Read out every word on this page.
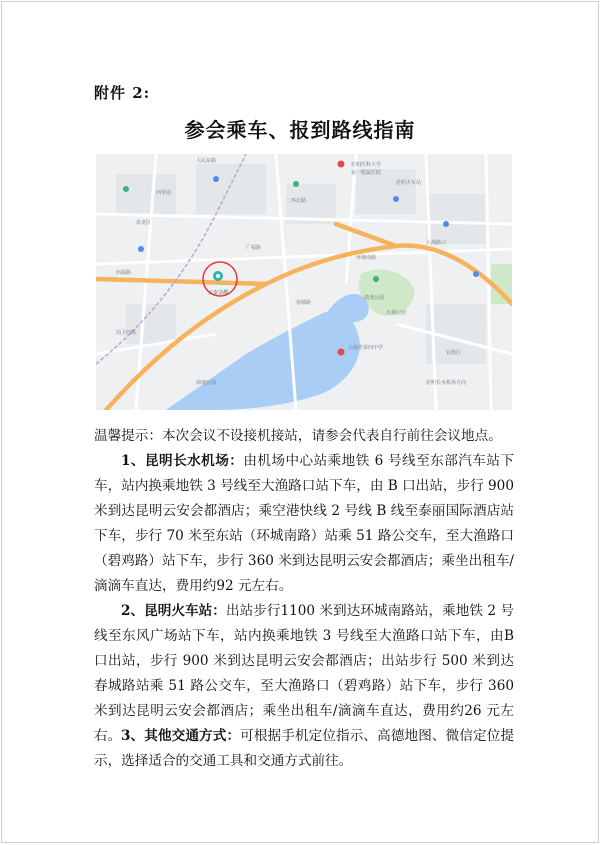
附件 2:
参会乘车、报到路线指南
人民东路
昆明医科大学
第一附属医院
二环北路
昆明火车站
环城南路
大渔路口
滇池公园
云南省第四中学
西福路
昆明长水机场方向
盘龙区
官渡区
大观公园
海埂公园
春城路
前卫西路
云安会都
广福路
西华园

温馨提示：本次会议不设接机接站，请参会代表自行前往会议地点。

1、昆明长水机场：由机场中心站乘地铁 6 号线至东部汽车站下车，站内换乘地铁 3 号线至大渔路口站下车，由 B 口出站，步行 900 米到达昆明云安会都酒店；乘空港快线 2 号线 B 线至泰丽国际酒店站下车，步行 70 米至东站（环城南路）站乘 51 路公交车，至大渔路口（碧鸡路）站下车，步行 360 米到达昆明云安会都酒店；乘坐出租车/滴滴车直达，费用约92 元左右。

2、昆明火车站：出站步行1100 米到达环城南路站，乘地铁 2 号线至东风广场站下车，站内换乘地铁 3 号线至大渔路口站下车，由B口出站，步行 900 米到达昆明云安会都酒店；出站步行 500 米到达春城路站乘 51 路公交车，至大渔路口（碧鸡路）站下车，步行 360 米到达昆明云安会都酒店；乘坐出租车/滴滴车直达，费用约26 元左右。 3、其他交通方式：可根据手机定位指示、高德地图、微信定位提示，选择适合的交通工具和交通方式前往。
